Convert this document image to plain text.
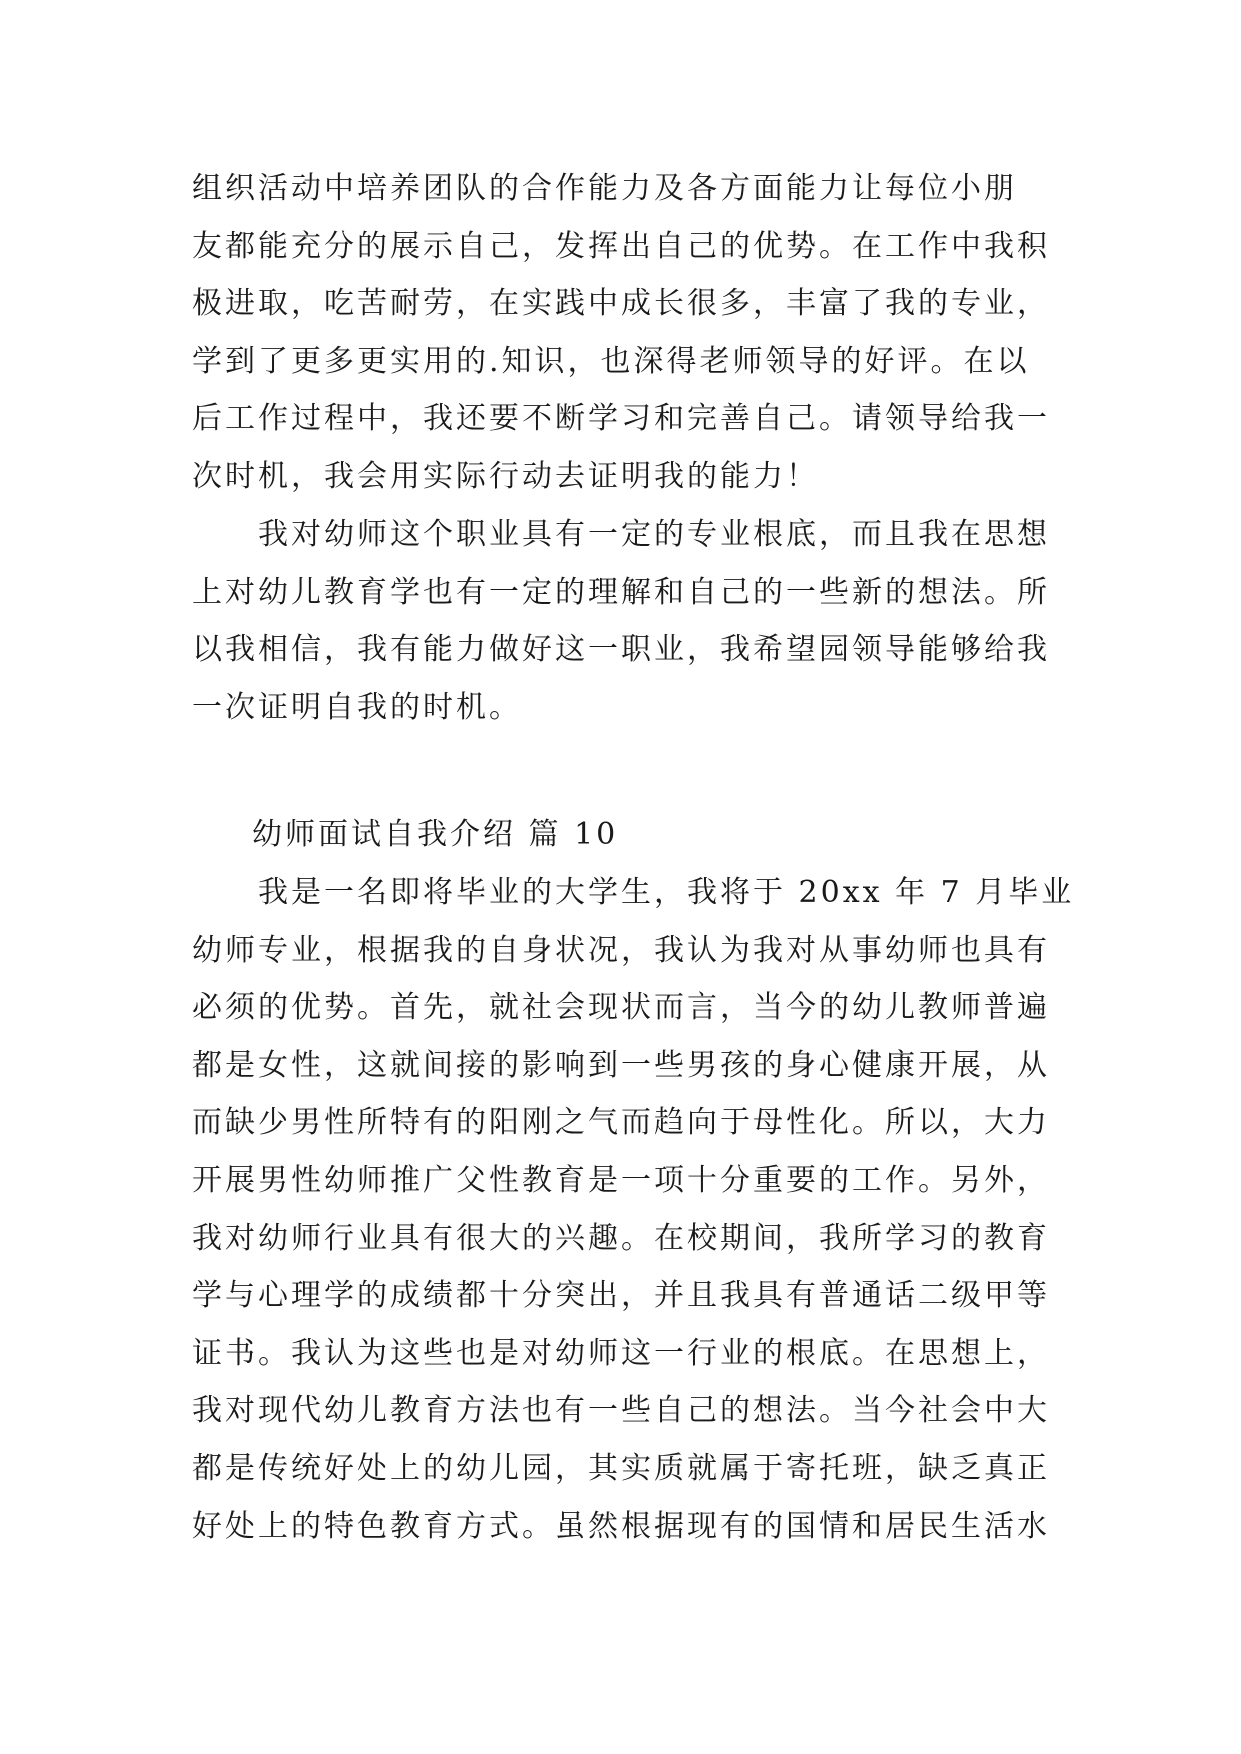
组织活动中培养团队的合作能力及各方面能力让每位小朋
友都能充分的展示自己，发挥出自己的优势。在工作中我积
极进取，吃苦耐劳，在实践中成长很多，丰富了我的专业，
学到了更多更实用的.知识，也深得老师领导的好评。在以
后工作过程中，我还要不断学习和完善自己。请领导给我一
次时机，我会用实际行动去证明我的能力！
　　我对幼师这个职业具有一定的专业根底，而且我在思想
上对幼儿教育学也有一定的理解和自己的一些新的想法。所
以我相信，我有能力做好这一职业，我希望园领导能够给我
一次证明自我的时机。
幼师面试自我介绍 篇 10
　　我是一名即将毕业的大学生，我将于 20xx 年 7 月毕业
幼师专业，根据我的自身状况，我认为我对从事幼师也具有
必须的优势。首先，就社会现状而言，当今的幼儿教师普遍
都是女性，这就间接的影响到一些男孩的身心健康开展，从
而缺少男性所特有的阳刚之气而趋向于母性化。所以，大力
开展男性幼师推广父性教育是一项十分重要的工作。另外，
我对幼师行业具有很大的兴趣。在校期间，我所学习的教育
学与心理学的成绩都十分突出，并且我具有普通话二级甲等
证书。我认为这些也是对幼师这一行业的根底。在思想上，
我对现代幼儿教育方法也有一些自己的想法。当今社会中大
都是传统好处上的幼儿园，其实质就属于寄托班，缺乏真正
好处上的特色教育方式。虽然根据现有的国情和居民生活水
